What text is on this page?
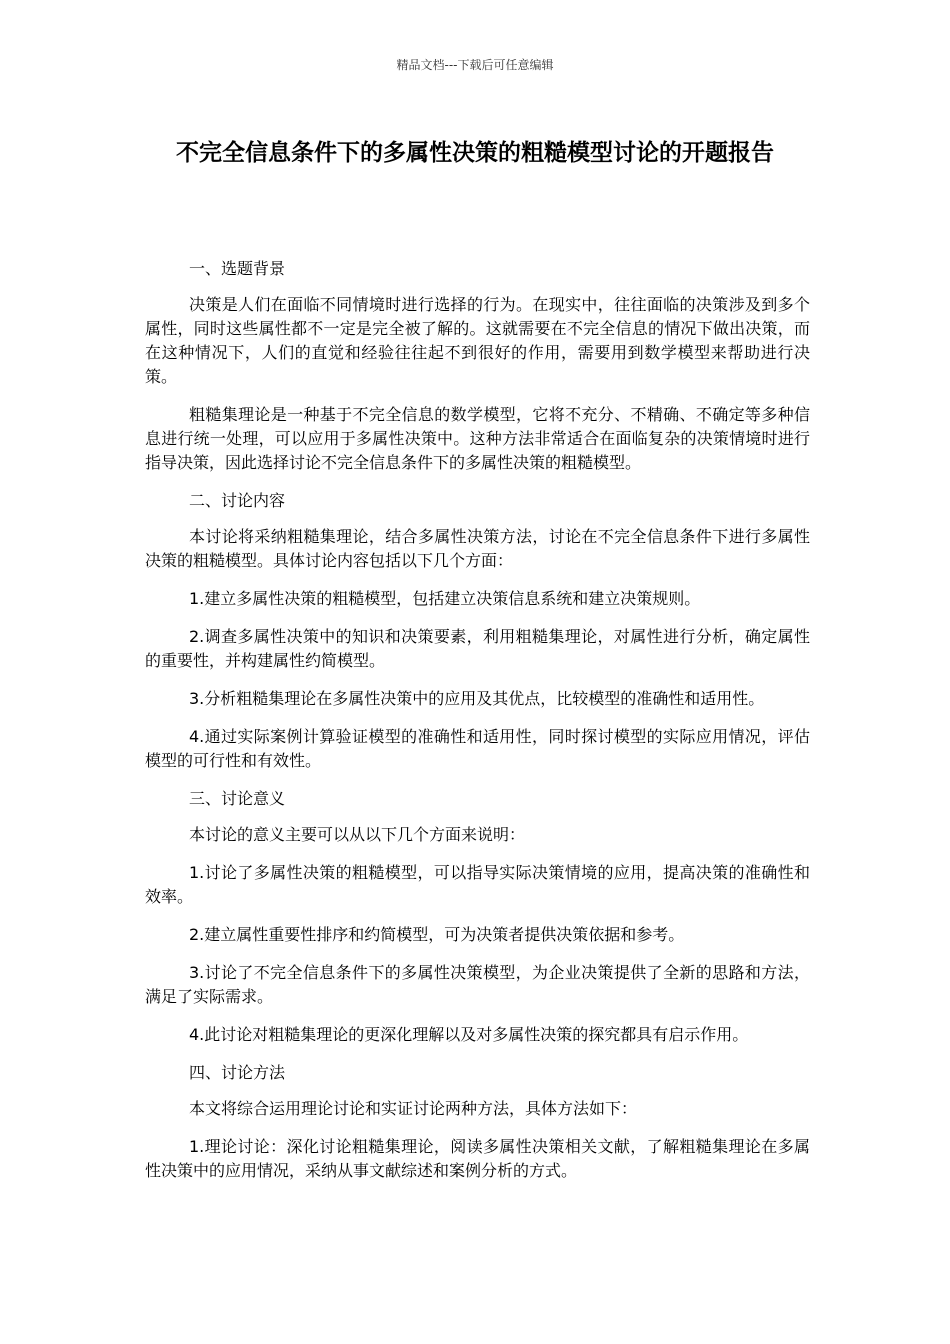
精品文档---下载后可任意编辑
不完全信息条件下的多属性决策的粗糙模型讨论的开题报告

一、选题背景

决策是人们在面临不同情境时进行选择的行为。在现实中，往往面临的决策涉及到多个属性，同时这些属性都不一定是完全被了解的。这就需要在不完全信息的情况下做出决策，而在这种情况下，人们的直觉和经验往往起不到很好的作用，需要用到数学模型来帮助进行决策。

粗糙集理论是一种基于不完全信息的数学模型，它将不充分、不精确、不确定等多种信息进行统一处理，可以应用于多属性决策中。这种方法非常适合在面临复杂的决策情境时进行指导决策，因此选择讨论不完全信息条件下的多属性决策的粗糙模型。

二、讨论内容

本讨论将采纳粗糙集理论，结合多属性决策方法，讨论在不完全信息条件下进行多属性决策的粗糙模型。具体讨论内容包括以下几个方面：

1.建立多属性决策的粗糙模型，包括建立决策信息系统和建立决策规则。

2.调查多属性决策中的知识和决策要素，利用粗糙集理论，对属性进行分析，确定属性的重要性，并构建属性约简模型。

3.分析粗糙集理论在多属性决策中的应用及其优点，比较模型的准确性和适用性。

4.通过实际案例计算验证模型的准确性和适用性，同时探讨模型的实际应用情况，评估模型的可行性和有效性。

三、讨论意义

本讨论的意义主要可以从以下几个方面来说明：

1.讨论了多属性决策的粗糙模型，可以指导实际决策情境的应用，提高决策的准确性和效率。

2.建立属性重要性排序和约简模型，可为决策者提供决策依据和参考。

3.讨论了不完全信息条件下的多属性决策模型，为企业决策提供了全新的思路和方法，满足了实际需求。

4.此讨论对粗糙集理论的更深化理解以及对多属性决策的探究都具有启示作用。

四、讨论方法

本文将综合运用理论讨论和实证讨论两种方法，具体方法如下：

1.理论讨论：深化讨论粗糙集理论，阅读多属性决策相关文献，了解粗糙集理论在多属性决策中的应用情况，采纳从事文献综述和案例分析的方式。
